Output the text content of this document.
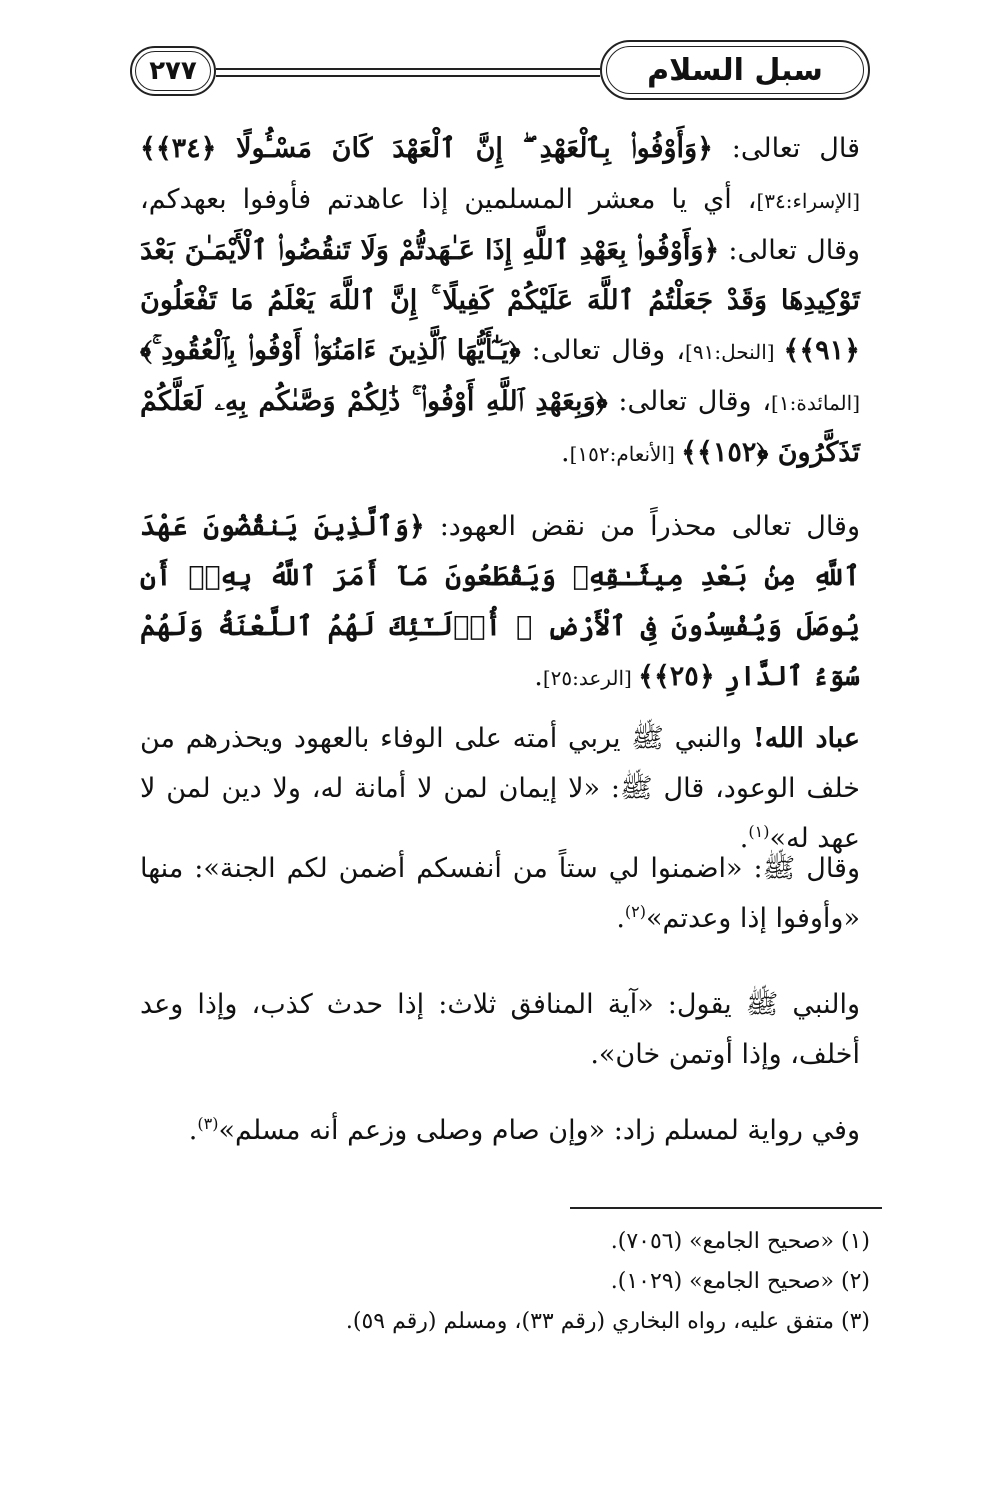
سبل السلام
٢٧٧

قال تعالى: ﴿وَأَوْفُوا۟ بِٱلْعَهْدِ ۖ إِنَّ ٱلْعَهْدَ كَانَ مَسْـُٔولًا ﴿٣٤﴾﴾ [الإسراء:٣٤]، أي يا معشر المسلمين إذا عاهدتم فأوفوا بعهدكم، وقال تعالى: ﴿وَأَوْفُوا۟ بِعَهْدِ ٱللَّهِ إِذَا عَـٰهَدتُّمْ وَلَا تَنقُضُوا۟ ٱلْأَيْمَـٰنَ بَعْدَ تَوْكِيدِهَا وَقَدْ جَعَلْتُمُ ٱللَّهَ عَلَيْكُمْ كَفِيلًا ۚ إِنَّ ٱللَّهَ يَعْلَمُ مَا تَفْعَلُونَ ﴿٩١﴾﴾ [النحل:٩١]، وقال تعالى: ﴿يَـٰٓأَيُّهَا ٱلَّذِينَ ءَامَنُوٓا۟ أَوْفُوا۟ بِٱلْعُقُودِ ۚ﴾ [المائدة:١]، وقال تعالى: ﴿وَبِعَهْدِ ٱللَّهِ أَوْفُوا۟ ۚ ذَٰلِكُمْ وَصَّىٰكُم بِهِۦ لَعَلَّكُمْ تَذَكَّرُونَ ﴿١٥٢﴾﴾ [الأنعام:١٥٢].

وقال تعالى محذراً من نقض العهود: ﴿وَٱلَّذِينَ يَنقُضُونَ عَهْدَ ٱللَّهِ مِنۢ بَعْدِ مِيثَـٰقِهِۦ وَيَقْطَعُونَ مَآ أَمَرَ ٱللَّهُ بِهِۦٓ أَن يُوصَلَ وَيُفْسِدُونَ فِى ٱلْأَرْضِ ۙ أُو۟لَـٰٓئِكَ لَهُمُ ٱللَّعْنَةُ وَلَهُمْ سُوٓءُ ٱلدَّارِ ﴿٢٥﴾﴾ [الرعد:٢٥].

عباد الله! والنبي ﷺ يربي أمته على الوفاء بالعهود ويحذرهم من خلف الوعود، قال ﷺ: «لا إيمان لمن لا أمانة له، ولا دين لمن لا عهد له»$^{(١)}$.

وقال ﷺ: «اضمنوا لي ستاً من أنفسكم أضمن لكم الجنة»: منها «وأوفوا إذا وعدتم»$^{(٢)}$.

والنبي ﷺ يقول: «آية المنافق ثلاث: إذا حدث كذب، وإذا وعد أخلف، وإذا أوتمن خان».

وفي رواية لمسلم زاد: «وإن صام وصلى وزعم أنه مسلم»$^{(٣)}$.

(١) «صحيح الجامع» (٧٠٥٦).
(٢) «صحيح الجامع» (١٠٢٩).
(٣) متفق عليه، رواه البخاري (رقم ٣٣)، ومسلم (رقم ٥٩).
